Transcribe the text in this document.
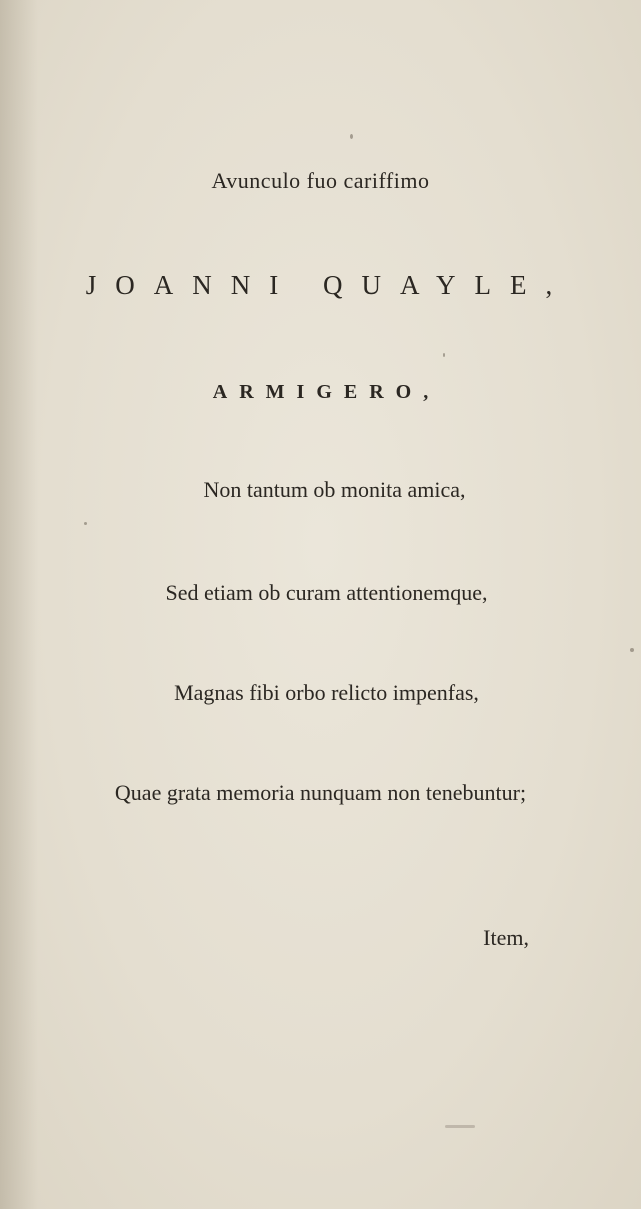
Avunculo fuo cariffimo
JOANNI QUAYLE,
ARMIGERO,
Non tantum ob monita amica,
Sed etiam ob curam attentionemque,
Magnas fibi orbo relicto impenfas,
Quae grata memoria nunquam non tenebuntur;
Item,
